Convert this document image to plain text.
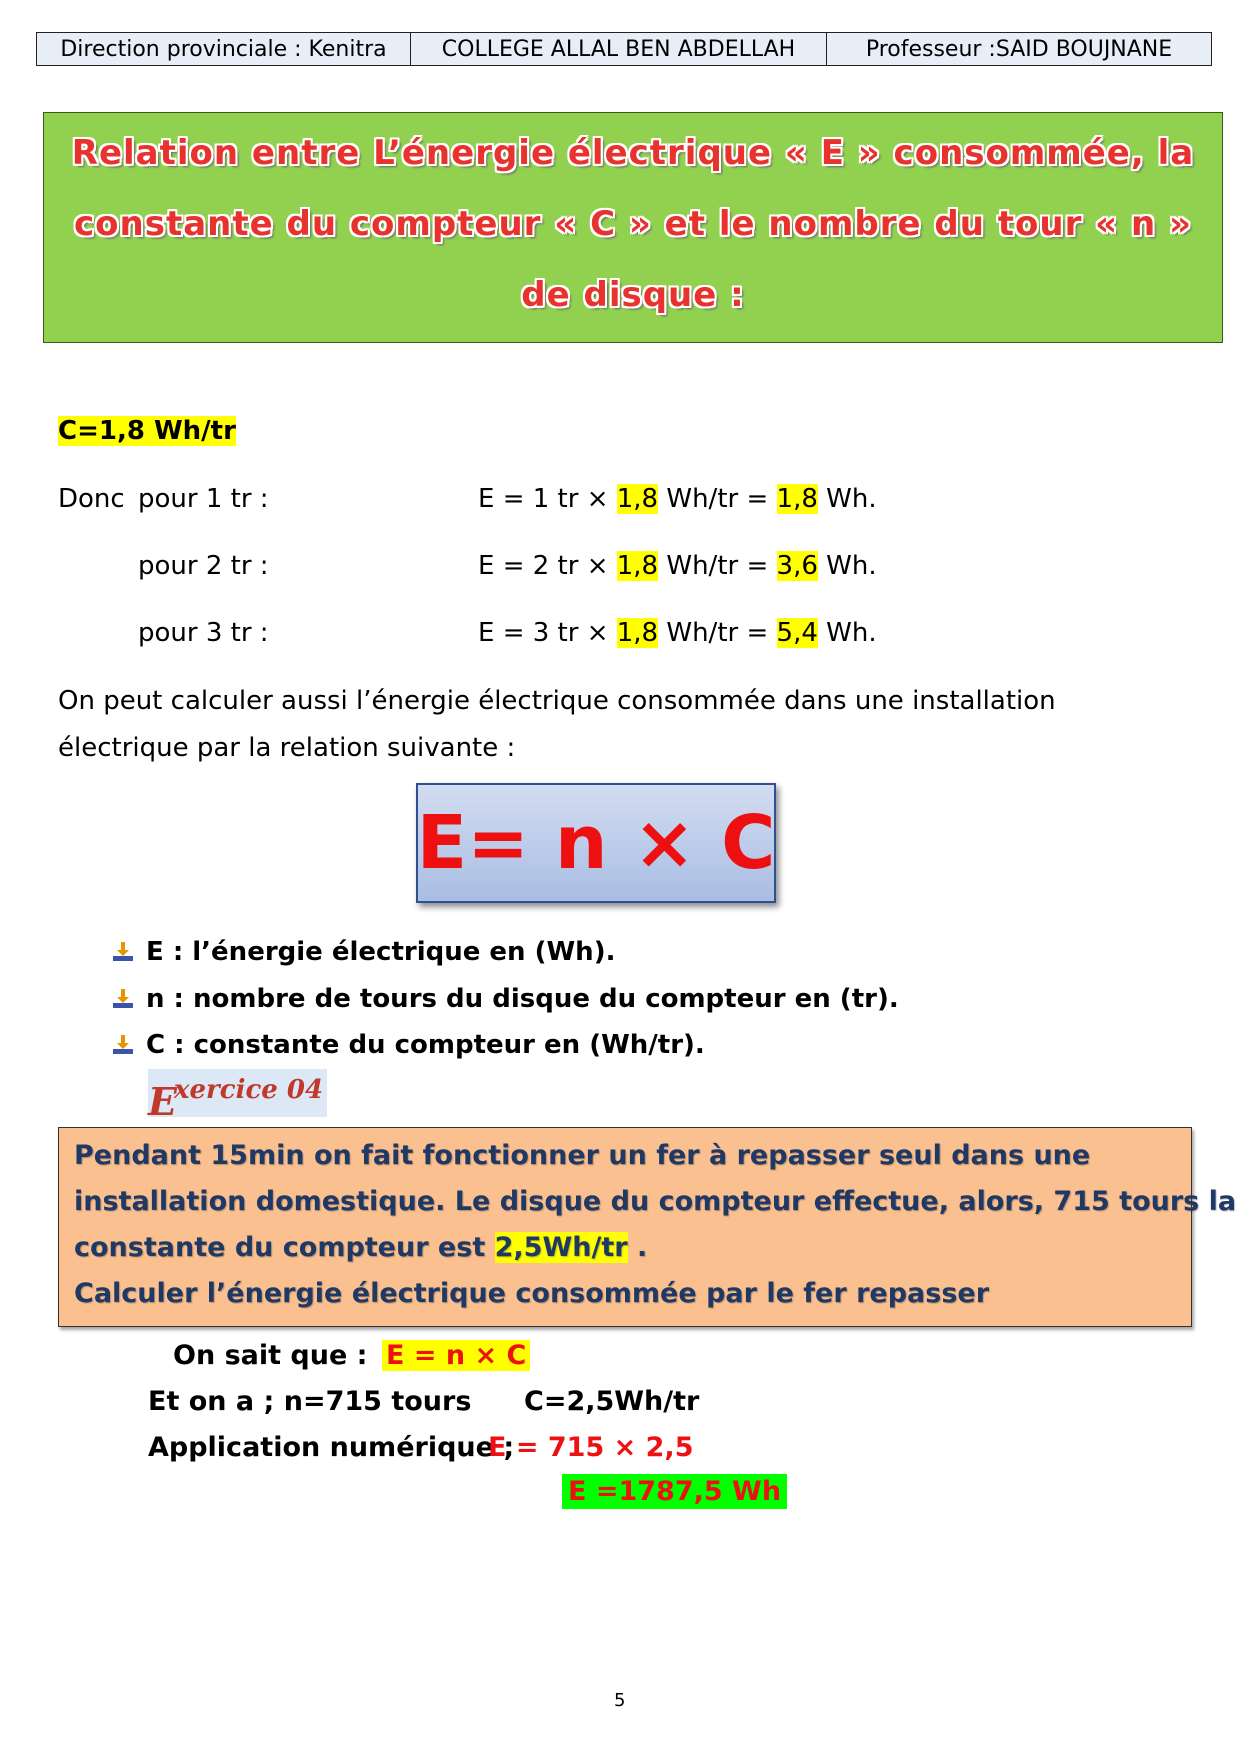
Direction provinciale : Kenitra	COLLEGE ALLAL BEN ABDELLAH	Professeur :SAID BOUJNANE
Relation entre L’énergie électrique « E » consommée, la
constante du compteur « C » et le nombre du tour « n »
de disque :
C=1,8 Wh/tr
Donc pour 1 tr :	E = 1 tr × 1,8 Wh/tr = 1,8 Wh.
pour 2 tr :	E = 2 tr × 1,8 Wh/tr = 3,6 Wh.
pour 3 tr :	E = 3 tr × 1,8 Wh/tr = 5,4 Wh.
On peut calculer aussi l’énergie électrique consommée dans une installation
électrique par la relation suivante :
E= n × C
E : l’énergie électrique en (Wh).
n : nombre de tours du disque du compteur en (tr).
C : constante du compteur en (Wh/tr).
E
xercice 04
Pendant 15min on fait fonctionner un fer à repasser seul dans une
installation domestique. Le disque du compteur effectue, alors, 715 tours la
constante du compteur est 2,5Wh/tr .
Calculer l’énergie électrique consommée par le fer repasser
On sait que : E = n × C
Et on a ; n=715 tours C=2,5Wh/tr
Application numérique ;
E = 715 × 2,5
E =1787,5 Wh
5
